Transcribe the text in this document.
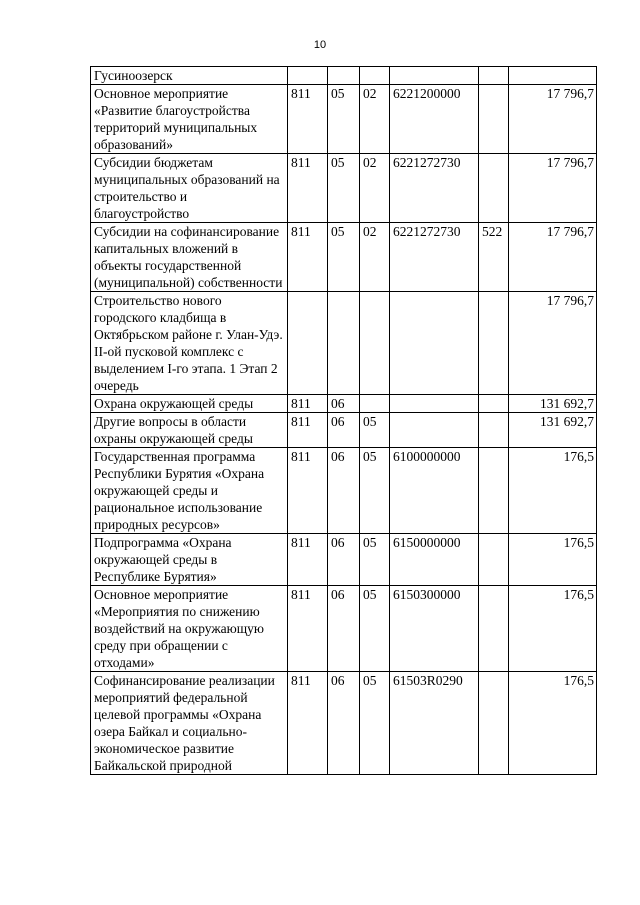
10
Гусиноозерск						
Основное мероприятие «Развитие благоустройства территорий муниципальных образований»	811	05	02	6221200000		17 796,7
Субсидии бюджетам муниципальных образований на строительство и благоустройство	811	05	02	6221272730		17 796,7
Субсидии на софинансирование капитальных вложений в объекты государственной (муниципальной) собственности	811	05	02	6221272730	522	17 796,7
Строительство нового городского кладбища в Октябрьском районе г. Улан-Удэ. II-ой пусковой комплекс с выделением I-го этапа. 1 Этап 2 очередь						17 796,7
Охрана окружающей среды	811	06				131 692,7
Другие вопросы в области охраны окружающей среды	811	06	05			131 692,7
Государственная программа Республики Бурятия «Охрана окружающей среды и рациональное использование природных ресурсов»	811	06	05	6100000000		176,5
Подпрограмма «Охрана окружающей среды в Республике Бурятия»	811	06	05	6150000000		176,5
Основное мероприятие «Мероприятия по снижению воздействий на окружающую среду при обращении с отходами»	811	06	05	6150300000		176,5
Софинансирование реализации мероприятий федеральной целевой программы «Охрана озера Байкал и социально-экономическое развитие Байкальской природной	811	06	05	61503R0290		176,5
